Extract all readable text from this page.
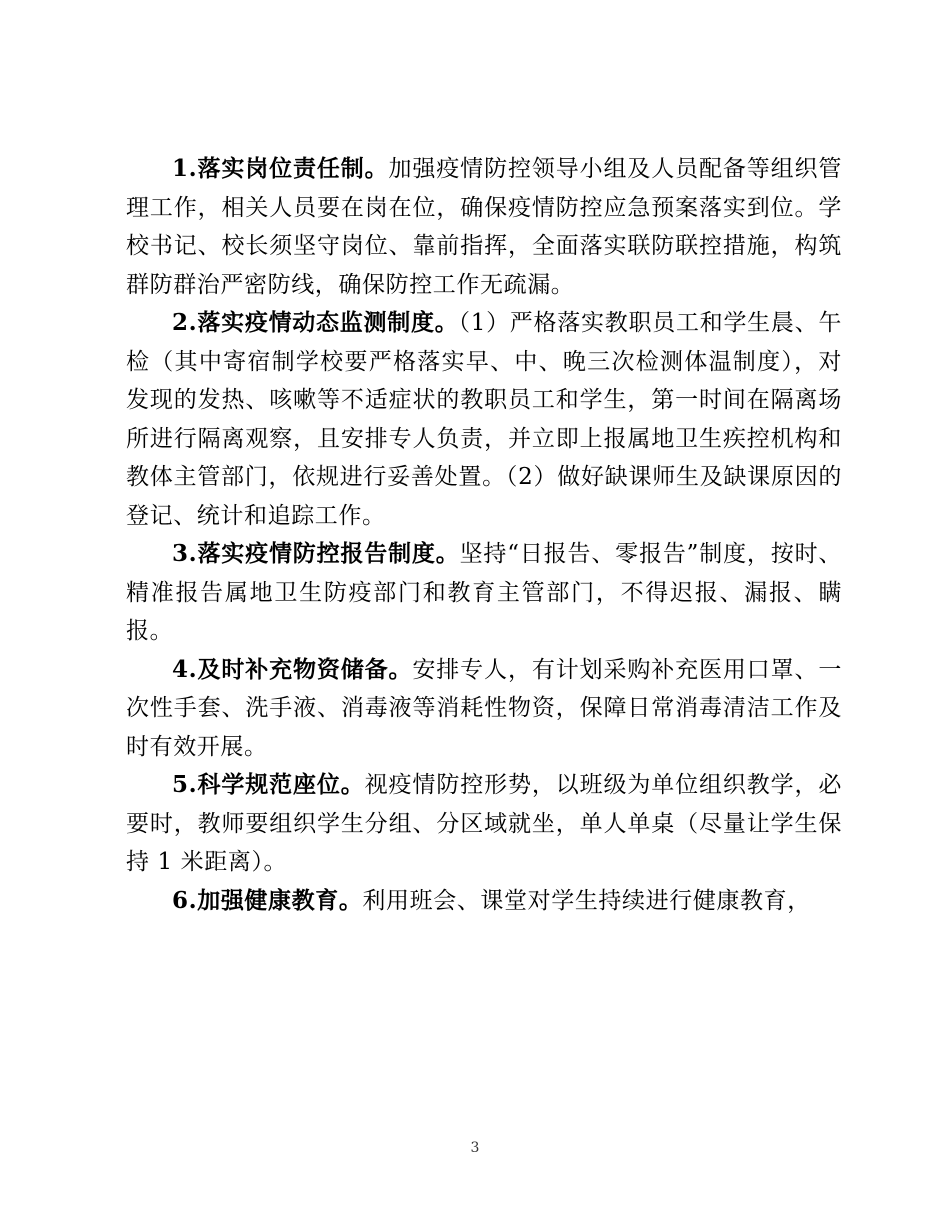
1.落实岗位责任制。加强疫情防控领导小组及人员配备等组织管理工作，相关人员要在岗在位，确保疫情防控应急预案落实到位。学校书记、校长须坚守岗位、靠前指挥，全面落实联防联控措施，构筑群防群治严密防线，确保防控工作无疏漏。

2.落实疫情动态监测制度。（1）严格落实教职员工和学生晨、午检（其中寄宿制学校要严格落实早、中、晚三次检测体温制度），对发现的发热、咳嗽等不适症状的教职员工和学生，第一时间在隔离场所进行隔离观察，且安排专人负责，并立即上报属地卫生疾控机构和教体主管部门，依规进行妥善处置。（2）做好缺课师生及缺课原因的登记、统计和追踪工作。

3.落实疫情防控报告制度。坚持“日报告、零报告”制度，按时、精准报告属地卫生防疫部门和教育主管部门，不得迟报、漏报、瞒报。

4.及时补充物资储备。安排专人，有计划采购补充医用口罩、一次性手套、洗手液、消毒液等消耗性物资，保障日常消毒清洁工作及时有效开展。

5.科学规范座位。视疫情防控形势，以班级为单位组织教学，必要时，教师要组织学生分组、分区域就坐，单人单桌（尽量让学生保持 1 米距离）。

6.加强健康教育。利用班会、课堂对学生持续进行健康教育，

3
